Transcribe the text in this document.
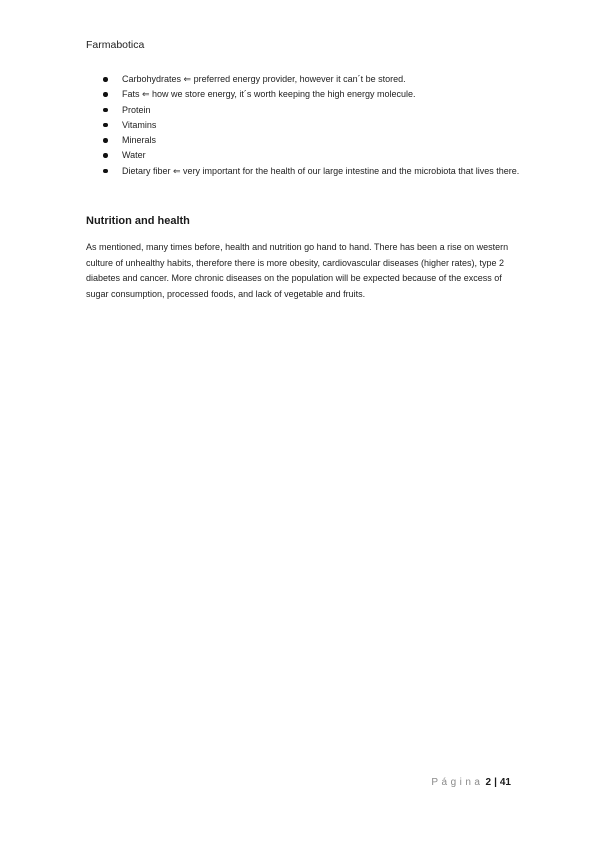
Farmabotica
Carbohydrates ⇐ preferred energy provider, however it can´t be stored.
Fats ⇐ how we store energy, it´s worth keeping the high energy molecule.
Protein
Vitamins
Minerals
Water
Dietary fiber ⇐ very important for the health of our large intestine and the microbiota that lives there.
Nutrition and health

As mentioned, many times before, health and nutrition go hand to hand. There has been a rise on western culture of unhealthy habits, therefore there is more obesity, cardiovascular diseases (higher rates), type 2 diabetes and cancer. More chronic diseases on the population will be expected because of the excess of sugar consumption, processed foods, and lack of vegetable and fruits.

Página 2 | 41
